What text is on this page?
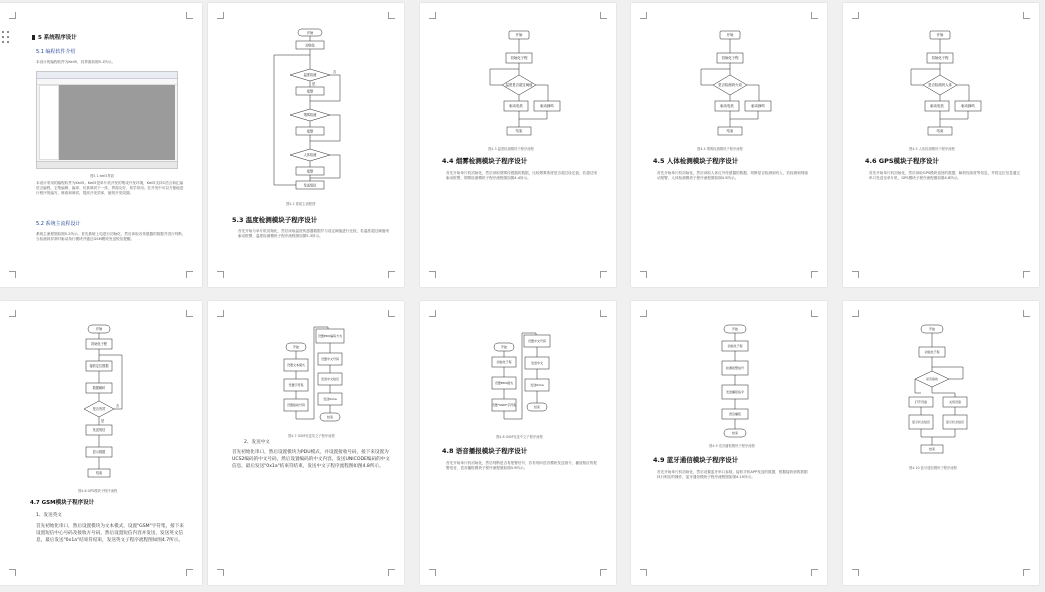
5 系统程序设计
5.1 编程软件介绍
本设计的编程软件为Keil5，其界面如图5.1所示。
图5.1 keil5界面
本设计采用的编程软件为Keil5。Keil5是单片机开发的集成开发环境，Keil5支持C语言和汇编语言编程，它集编辑、编译、仿真调试于一体，界面友好，易学易用。在开发中可以方便地进行程序的编写、修改和调试，提高开发效率，缩短开发周期。
5.2 系统主流程设计
系统主流程图如图5.2所示。首先系统上电进行初始化，然后读取各传感器的数据并进行判断，当检测到异常时驱动执行模块并通过GSM模块发送短信提醒。
开始
初始化
温度检测
报警
烟雾检测
报警
人体检测
报警
发送短信
否
是
图5.2 系统主流程图
5.3 温度检测模块子程序设计
首先开始与单片机初始化，然后读取温度传感器数据并与设定阈值进行比较，若温度超过阈值则驱动报警，温度检测模块子程序流程图如图5.3所示。
开始
初始化子程
温度是否超过阈值
驱动电机	驱动蜂鸣
结束
图4.3 温度检测模块子程序流程
4.4 烟雾检测模块子程序设计
首先开始单片机初始化，然后读取烟雾传感器的数据，比较烟雾浓度是否超过设定值，若超过则驱动报警，烟雾检测模块子程序流程图如图4.4所示。
开始
初始化子程
是否检测到火焰
驱动电机	驱动蜂鸣
结束
图4.4 烟雾检测模块子程序流程
4.5 人体检测模块子程序设计
首先开始单片机初始化，然后读取人体红外传感器的数据，判断是否检测到有人，若检测到则驱动报警，人体检测模块子程序流程图如图4.5所示。
开始
初始化子程
是否检测到人体
驱动电机	驱动蜂鸣
结束
图4.5 人体检测模块子程序流程
4.6 GPS模块子程序设计
首先开始单片机初始化，然后读取GPS模块返回的数据，解析经纬度等信息，并将定位信息通过串口发送至单片机，GPS模块子程序流程图如图4.6所示。
开始
初始化子程
接收定位数据
数据解析
是否有效
发送短信
显示数据
结束
否
是
图4.6 GPS模块子程序流程
4.7 GSM模块子程序设计
1、发送英文
首先初始化串口，然后设置模块为文本模式，设置"GSM"字符集，接下来设置短信中心号码及接收方号码，然后设置短信内容并发送，发送英文信息，最后发送"0x1a"结束符结束，发送英文子程序流程图如图4.7所示。
开始
设置文本模式
设置字符集
设置接收号码
设置PDU编码方式
设置中文号码
发送中文信息
发送0x1a
结束
图4.7 GSM发送英文子程序流程
2、发送中文
首先初始化串口，然后设置模块为PDU模式，并设置接收号码，接下来设置为UCS2编码的中文号码，然后设置编码的中文内容，发送UNICODE编码的中文信息，最后发送"0x1a"结束符结束，发送中文子程序流程图如图4.8所示。
开始
初始化子程
设置PDU模式
设置"GSM"字符集
设置中文号码
发送中文
发送0x1a
结束
图4.8 GSM发送中文子程序流程
4.8 语音播报模块子程序设计
首先开始单片机初始化，然后判断是否有报警信号，若有则向语音模块发送指令，播放相应的报警语音，语音播报模块子程序流程图如图4.9所示。
开始
初始化子程
检测报警信号
发送播报指令
语音播报
结束
图4.9 语音播报模块子程序流程
4.9 蓝牙通信模块子程序设计
首先开始单片机初始化，然后设置蓝牙串口参数，接收手机APP发送的数据，根据接收到的数据执行相应的操作，蓝牙通信模块子程序流程图如图4.10所示。
开始
初始化子程
是否接收
打开设备	关闭设备
显示状态信息	显示状态信息
结束
图4.10 蓝牙通信模块子程序流程
